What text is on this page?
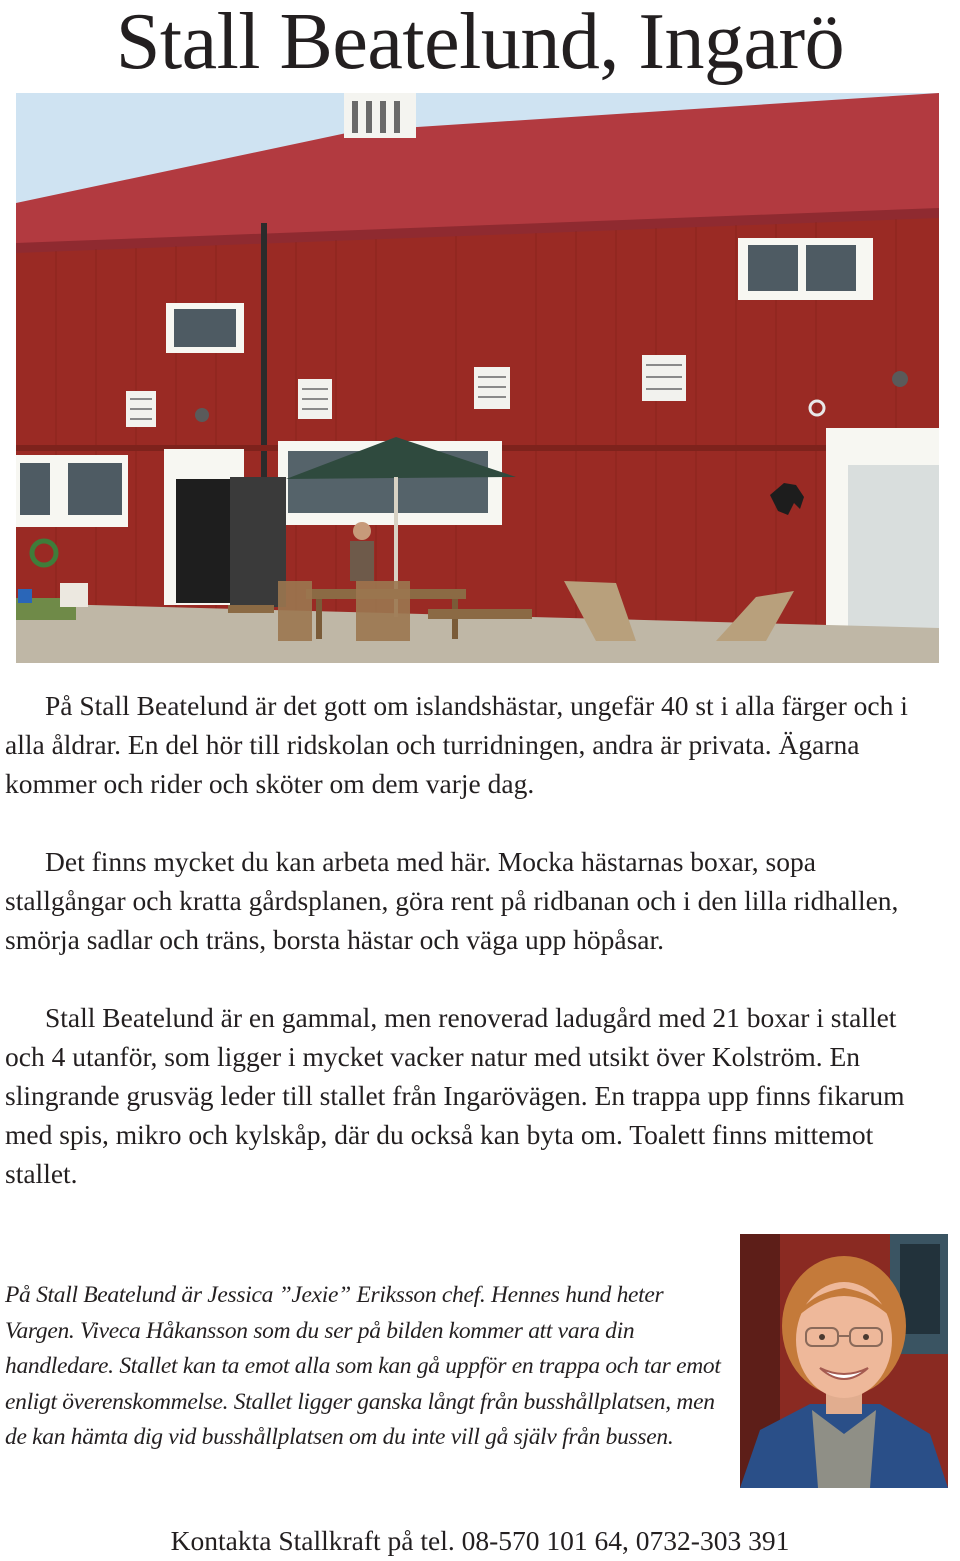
Stall Beatelund, Ingarö

På Stall Beatelund är det gott om islandshästar, ungefär 40 st i alla färger och i alla åldrar. En del hör till ridskolan och turridningen, andra är privata. Ägarna kommer och rider och sköter om dem varje dag.

Det finns mycket du kan arbeta med här. Mocka hästarnas boxar, sopa stallgångar och kratta gårdsplanen, göra rent på ridbanan och i den lilla ridhallen, smörja sadlar och träns, borsta hästar och väga upp höpåsar.

Stall Beatelund är en gammal, men renoverad ladugård med 21 boxar i stallet och 4 utanför, som ligger i mycket vacker natur med utsikt över Kolström. En slingrande grusväg leder till stallet från Ingarövägen. En trappa upp finns fikarum med spis, mikro och kylskåp, där du också kan byta om. Toalett finns mittemot stallet.

På Stall Beatelund är Jessica ”Jexie” Eriksson chef. Hennes hund heter Vargen. Viveca Håkansson som du ser på bilden kommer att vara din handledare. Stallet kan ta emot alla som kan gå uppför en trappa och tar emot enligt överenskommelse. Stallet ligger ganska långt från busshållplatsen, men de kan hämta dig vid busshållplatsen om du inte vill gå själv från bussen.

Kontakta Stallkraft på tel. 08-570 101 64, 0732-303 391
